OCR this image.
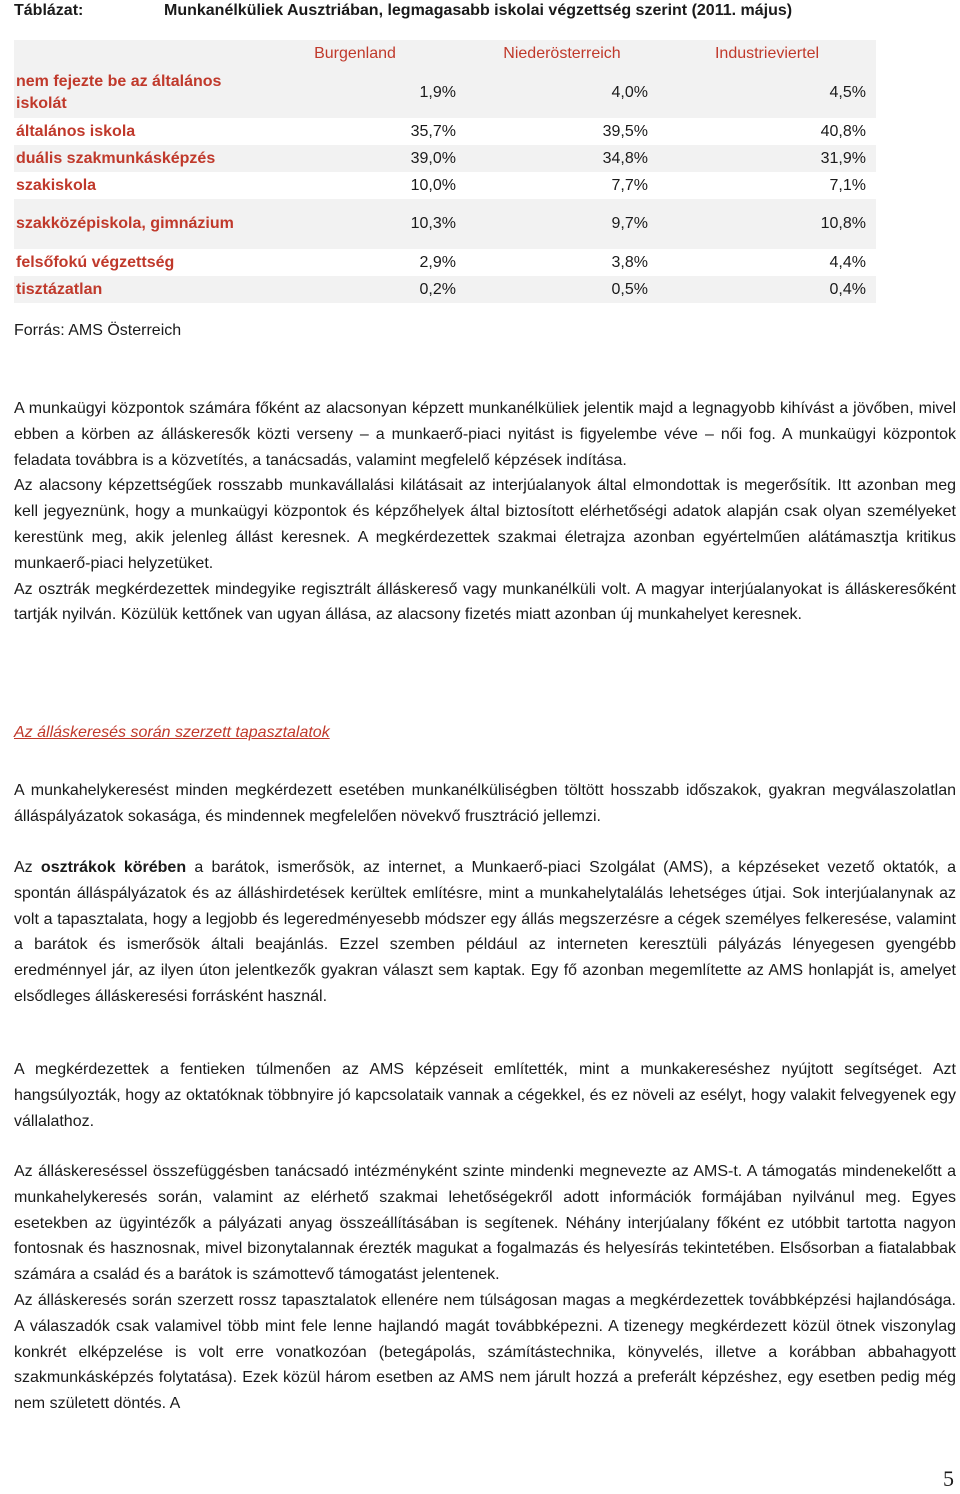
Táblázat:	Munkanélküliek Ausztriában, legmagasabb iskolai végzettség szerint (2011. május)
	Burgenland	Niederösterreich	Industrieviertel
nem fejezte be az általános iskolát	1,9%	4,0%	4,5%
általános iskola	35,7%	39,5%	40,8%
duális szakmunkásképzés	39,0%	34,8%	31,9%
szakiskola	10,0%	7,7%	7,1%
szakközépiskola, gimnázium	10,3%	9,7%	10,8%
felsőfokú végzettség	2,9%	3,8%	4,4%
tisztázatlan	0,2%	0,5%	0,4%
Forrás: AMS Österreich

A munkaügyi központok számára főként az alacsonyan képzett munkanélküliek jelentik majd a legnagyobb kihívást a jövőben, mivel ebben a körben az álláskeresők közti verseny – a munkaerő-piaci nyitást is figyelembe véve – női fog. A munkaügyi központok feladata továbbra is a közvetítés, a tanácsadás, valamint megfelelő képzések indítása.

Az alacsony képzettségűek rosszabb munkavállalási kilátásait az interjúalanyok által elmondottak is megerősítik. Itt azonban meg kell jegyeznünk, hogy a munkaügyi központok és képzőhelyek által biztosított elérhetőségi adatok alapján csak olyan személyeket kerestünk meg, akik jelenleg állást keresnek. A megkérdezettek szakmai életrajza azonban egyértelműen alátámasztja kritikus munkaerő-piaci helyzetüket.

Az osztrák megkérdezettek mindegyike regisztrált álláskereső vagy munkanélküli volt. A magyar interjúalanyokat is álláskeresőként tartják nyilván. Közülük kettőnek van ugyan állása, az alacsony fizetés miatt azonban új munkahelyet keresnek.

Az álláskeresés során szerzett tapasztalatok

A munkahelykeresést minden megkérdezett esetében munkanélküliségben töltött hosszabb időszakok, gyakran megválaszolatlan álláspályázatok sokasága, és mindennek megfelelően növekvő frusztráció jellemzi.

Az osztrákok körében a barátok, ismerősök, az internet, a Munkaerő-piaci Szolgálat (AMS), a képzéseket vezető oktatók, a spontán álláspályázatok és az álláshirdetések kerültek említésre, mint a munkahelytalálás lehetséges útjai. Sok interjúalanynak az volt a tapasztalata, hogy a legjobb és legeredményesebb módszer egy állás megszerzésre a cégek személyes felkeresése, valamint a barátok és ismerősök általi beajánlás. Ezzel szemben például az interneten keresztüli pályázás lényegesen gyengébb eredménnyel jár, az ilyen úton jelentkezők gyakran választ sem kaptak. Egy fő azonban megemlítette az AMS honlapját is, amelyet elsődleges álláskeresési forrásként használ.

A megkérdezettek a fentieken túlmenően az AMS képzéseit említették, mint a munkakereséshez nyújtott segítséget. Azt hangsúlyozták, hogy az oktatóknak többnyire jó kapcsolataik vannak a cégekkel, és ez növeli az esélyt, hogy valakit felvegyenek egy vállalathoz.

Az álláskereséssel összefüggésben tanácsadó intézményként szinte mindenki megnevezte az AMS-t. A támogatás mindenekelőtt a munkahelykeresés során, valamint az elérhető szakmai lehetőségekről adott információk formájában nyilvánul meg. Egyes esetekben az ügyintézők a pályázati anyag összeállításában is segítenek. Néhány interjúalany főként ez utóbbit tartotta nagyon fontosnak és hasznosnak, mivel bizonytalannak érezték magukat a fogalmazás és helyesírás tekintetében. Elsősorban a fiatalabbak számára a család és a barátok is számottevő támogatást jelentenek.

Az álláskeresés során szerzett rossz tapasztalatok ellenére nem túlságosan magas a megkérdezettek továbbképzési hajlandósága. A válaszadók csak valamivel több mint fele lenne hajlandó magát továbbképezni. A tizenegy megkérdezett közül ötnek viszonylag konkrét elképzelése is volt erre vonatkozóan (betegápolás, számítástechnika, könyvelés, illetve a korábban abbahagyott szakmunkásképzés folytatása). Ezek közül három esetben az AMS nem járult hozzá a preferált képzéshez, egy esetben pedig még nem született döntés. A

5
